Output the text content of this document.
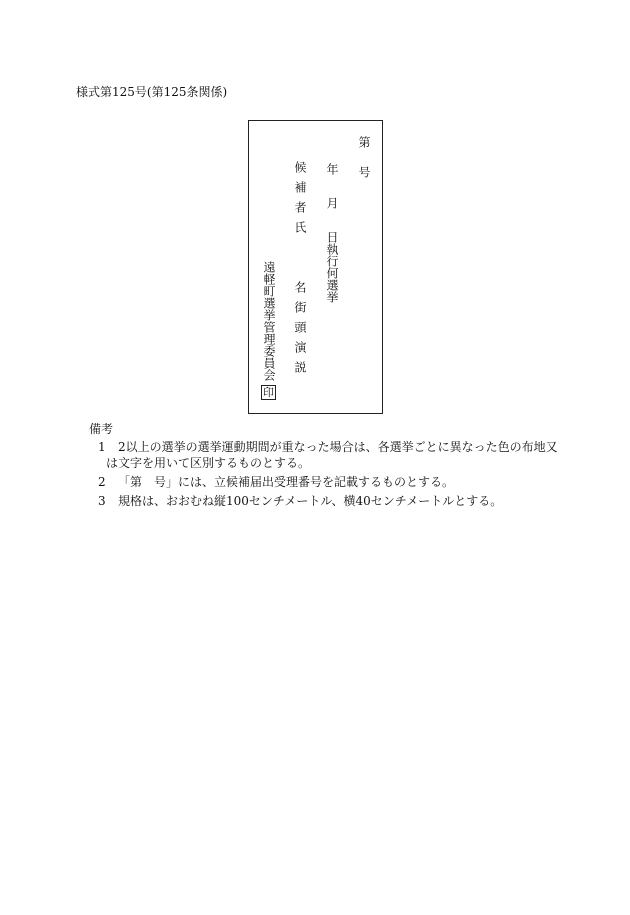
様式第125号(第125条関係)
第号
年月日執行何選挙
候補者氏名街頭演説
遠軽町選挙管理委員会
印
備考
1 2以上の選挙の選挙運動期間が重なった場合は、各選挙ごとに異なった色の布地又
は文字を用いて区別するものとする。
2 「第　号」には、立候補届出受理番号を記載するものとする。
3 規格は、おおむね縦100センチメートル、横40センチメートルとする。
